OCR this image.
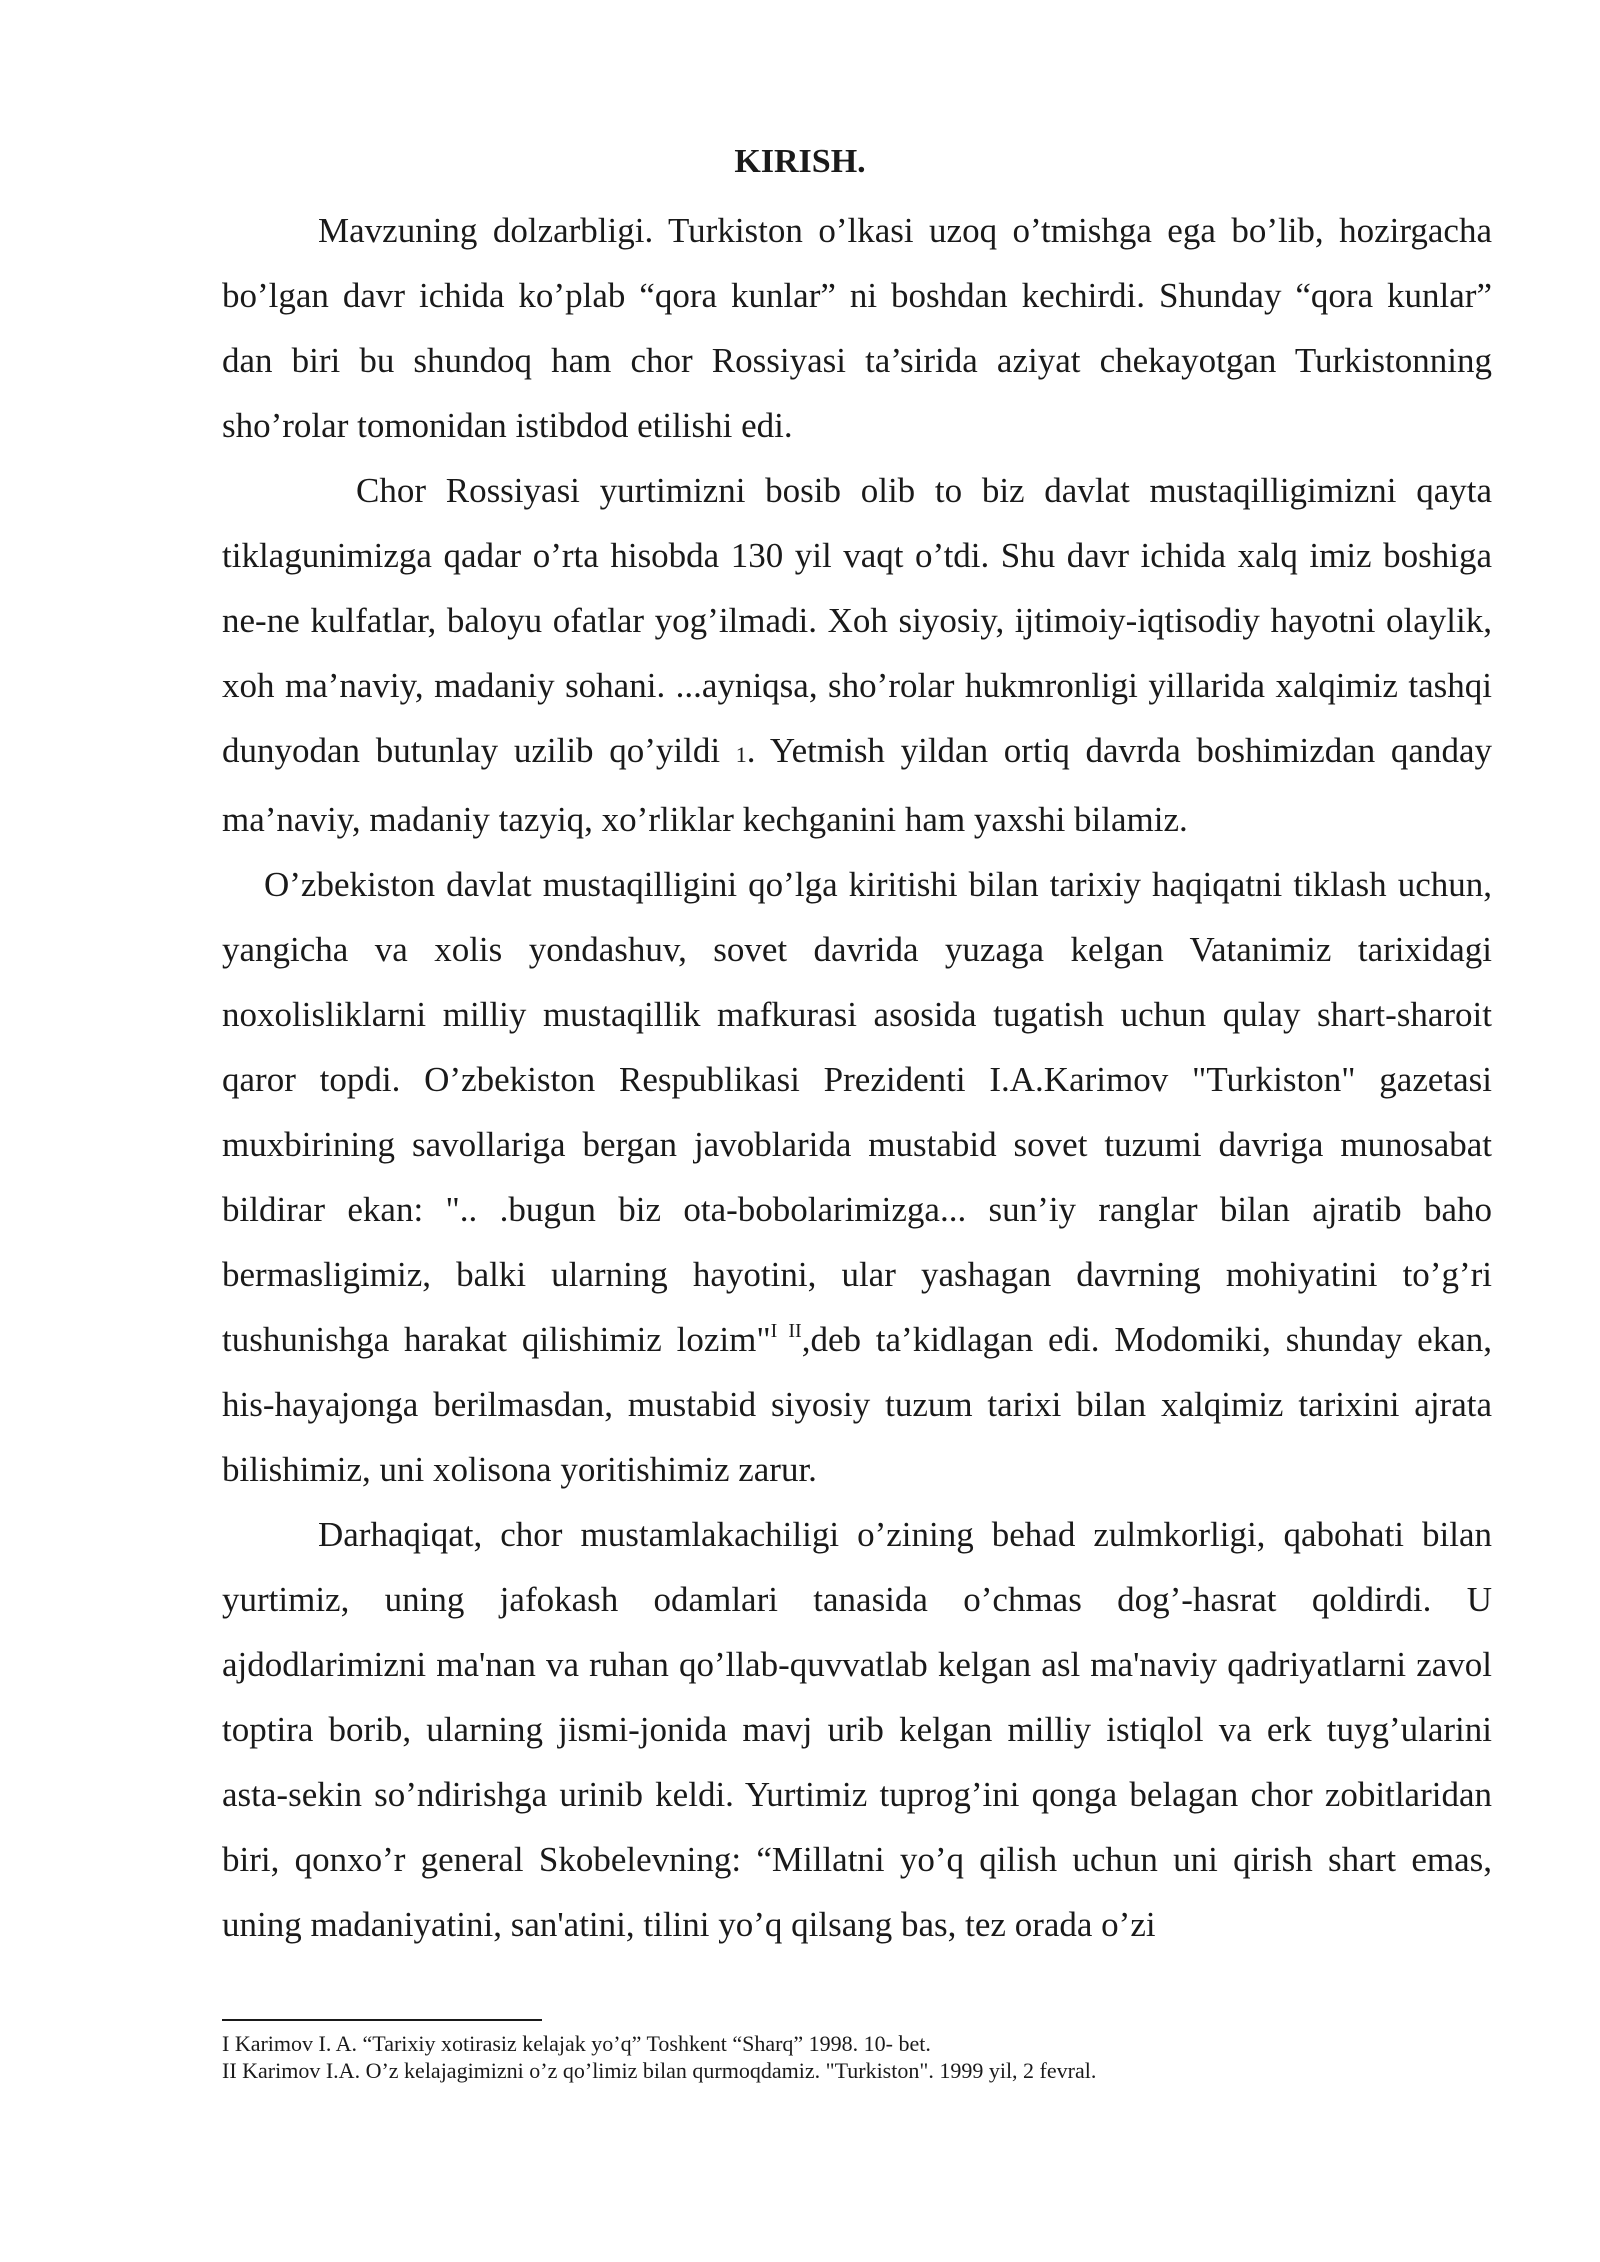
KIRISH.

Mavzuning dolzarbligi. Turkiston o’lkasi uzoq o’tmishga ega bo’lib, hozirgacha bo’lgan davr ichida ko’plab “qora kunlar” ni boshdan kechirdi. Shunday “qora kunlar” dan biri bu shundoq ham chor Rossiyasi ta’sirida aziyat chekayotgan Turkistonning sho’rolar tomonidan istibdod etilishi edi.

Chor Rossiyasi yurtimizni bosib olib to biz davlat mustaqilligimizni qayta tiklagunimizga qadar o’rta hisobda 130 yil vaqt o’tdi. Shu davr ichida xalq imiz boshiga ne-ne kulfatlar, baloyu ofatlar yog’ilmadi. Xoh siyosiy, ijtimoiy-iqtisodiy hayotni olaylik, xoh ma’naviy, madaniy sohani. ...ayniqsa, sho’rolar hukmronligi yillarida xalqimiz tashqi dunyodan butunlay uzilib qo’yildi 1. Yetmish yildan ortiq davrda boshimizdan qanday ma’naviy, madaniy tazyiq, xo’rliklar kechganini ham yaxshi bilamiz.

O’zbekiston davlat mustaqilligini qo’lga kiritishi bilan tarixiy haqiqatni tiklash uchun, yangicha va xolis yondashuv, sovet davrida yuzaga kelgan Vatanimiz tarixidagi noxolisliklarni milliy mustaqillik mafkurasi asosida tugatish uchun qulay shart-sharoit qaror topdi. O’zbekiston Respublikasi Prezidenti I.A.Karimov "Turkiston" gazetasi muxbirining savollariga bergan javoblarida mustabid sovet tuzumi davriga munosabat bildirar ekan: ".. .bugun biz ota-bobolarimizga... sun’iy ranglar bilan ajratib baho bermasligimiz, balki ularning hayotini, ular yashagan davrning mohiyatini to’g’ri tushunishga harakat qilishimiz lozim"$^{I II}$,deb ta’kidlagan edi. Modomiki, shunday ekan, his-hayajonga berilmasdan, mustabid siyosiy tuzum tarixi bilan xalqimiz tarixini ajrata bilishimiz, uni xolisona yoritishimiz zarur.

Darhaqiqat, chor mustamlakachiligi o’zining behad zulmkorligi, qabohati bilan yurtimiz, uning jafokash odamlari tanasida o’chmas dog’-hasrat qoldirdi. U ajdodlarimizni ma'nan va ruhan qo’llab-quvvatlab kelgan asl ma'naviy qadriyatlarni zavol toptira borib, ularning jismi-jonida mavj urib kelgan milliy istiqlol va erk tuyg’ularini asta-sekin so’ndirishga urinib keldi. Yurtimiz tuprog’ini qonga belagan chor zobitlaridan biri, qonxo’r general Skobelevning: “Millatni yo’q qilish uchun uni qirish shart emas, uning madaniyatini, san'atini, tilini yo’q qilsang bas, tez orada o’zi

I Karimov I. A. “Tarixiy xotirasiz kelajak yo’q” Toshkent “Sharq” 1998. 10- bet.
II Karimov I.A. O’z kelajagimizni o’z qo’limiz bilan qurmoqdamiz. "Turkiston". 1999 yil, 2 fevral.
